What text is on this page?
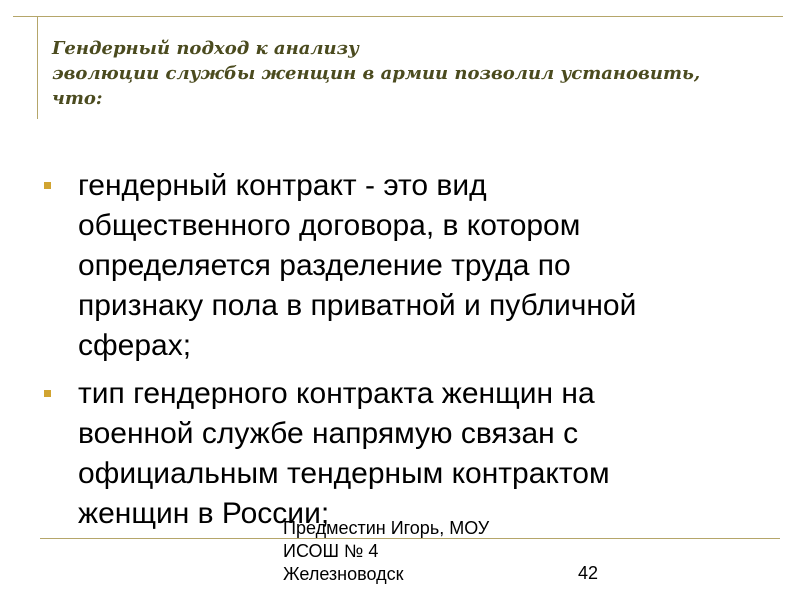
Гендерный подход к анализу
эволюции службы женщин в армии позволил установить,
что:
гендерный контракт - это вид
общественного договора, в котором
определяется разделение труда по
признаку пола в приватной и публичной
сферах;
тип гендерного контракта женщин на
военной службе напрямую связан с
официальным тендерным контрактом
женщин в России;
Предместин Игорь, МОУ
ИСОШ № 4
Железноводск	42
